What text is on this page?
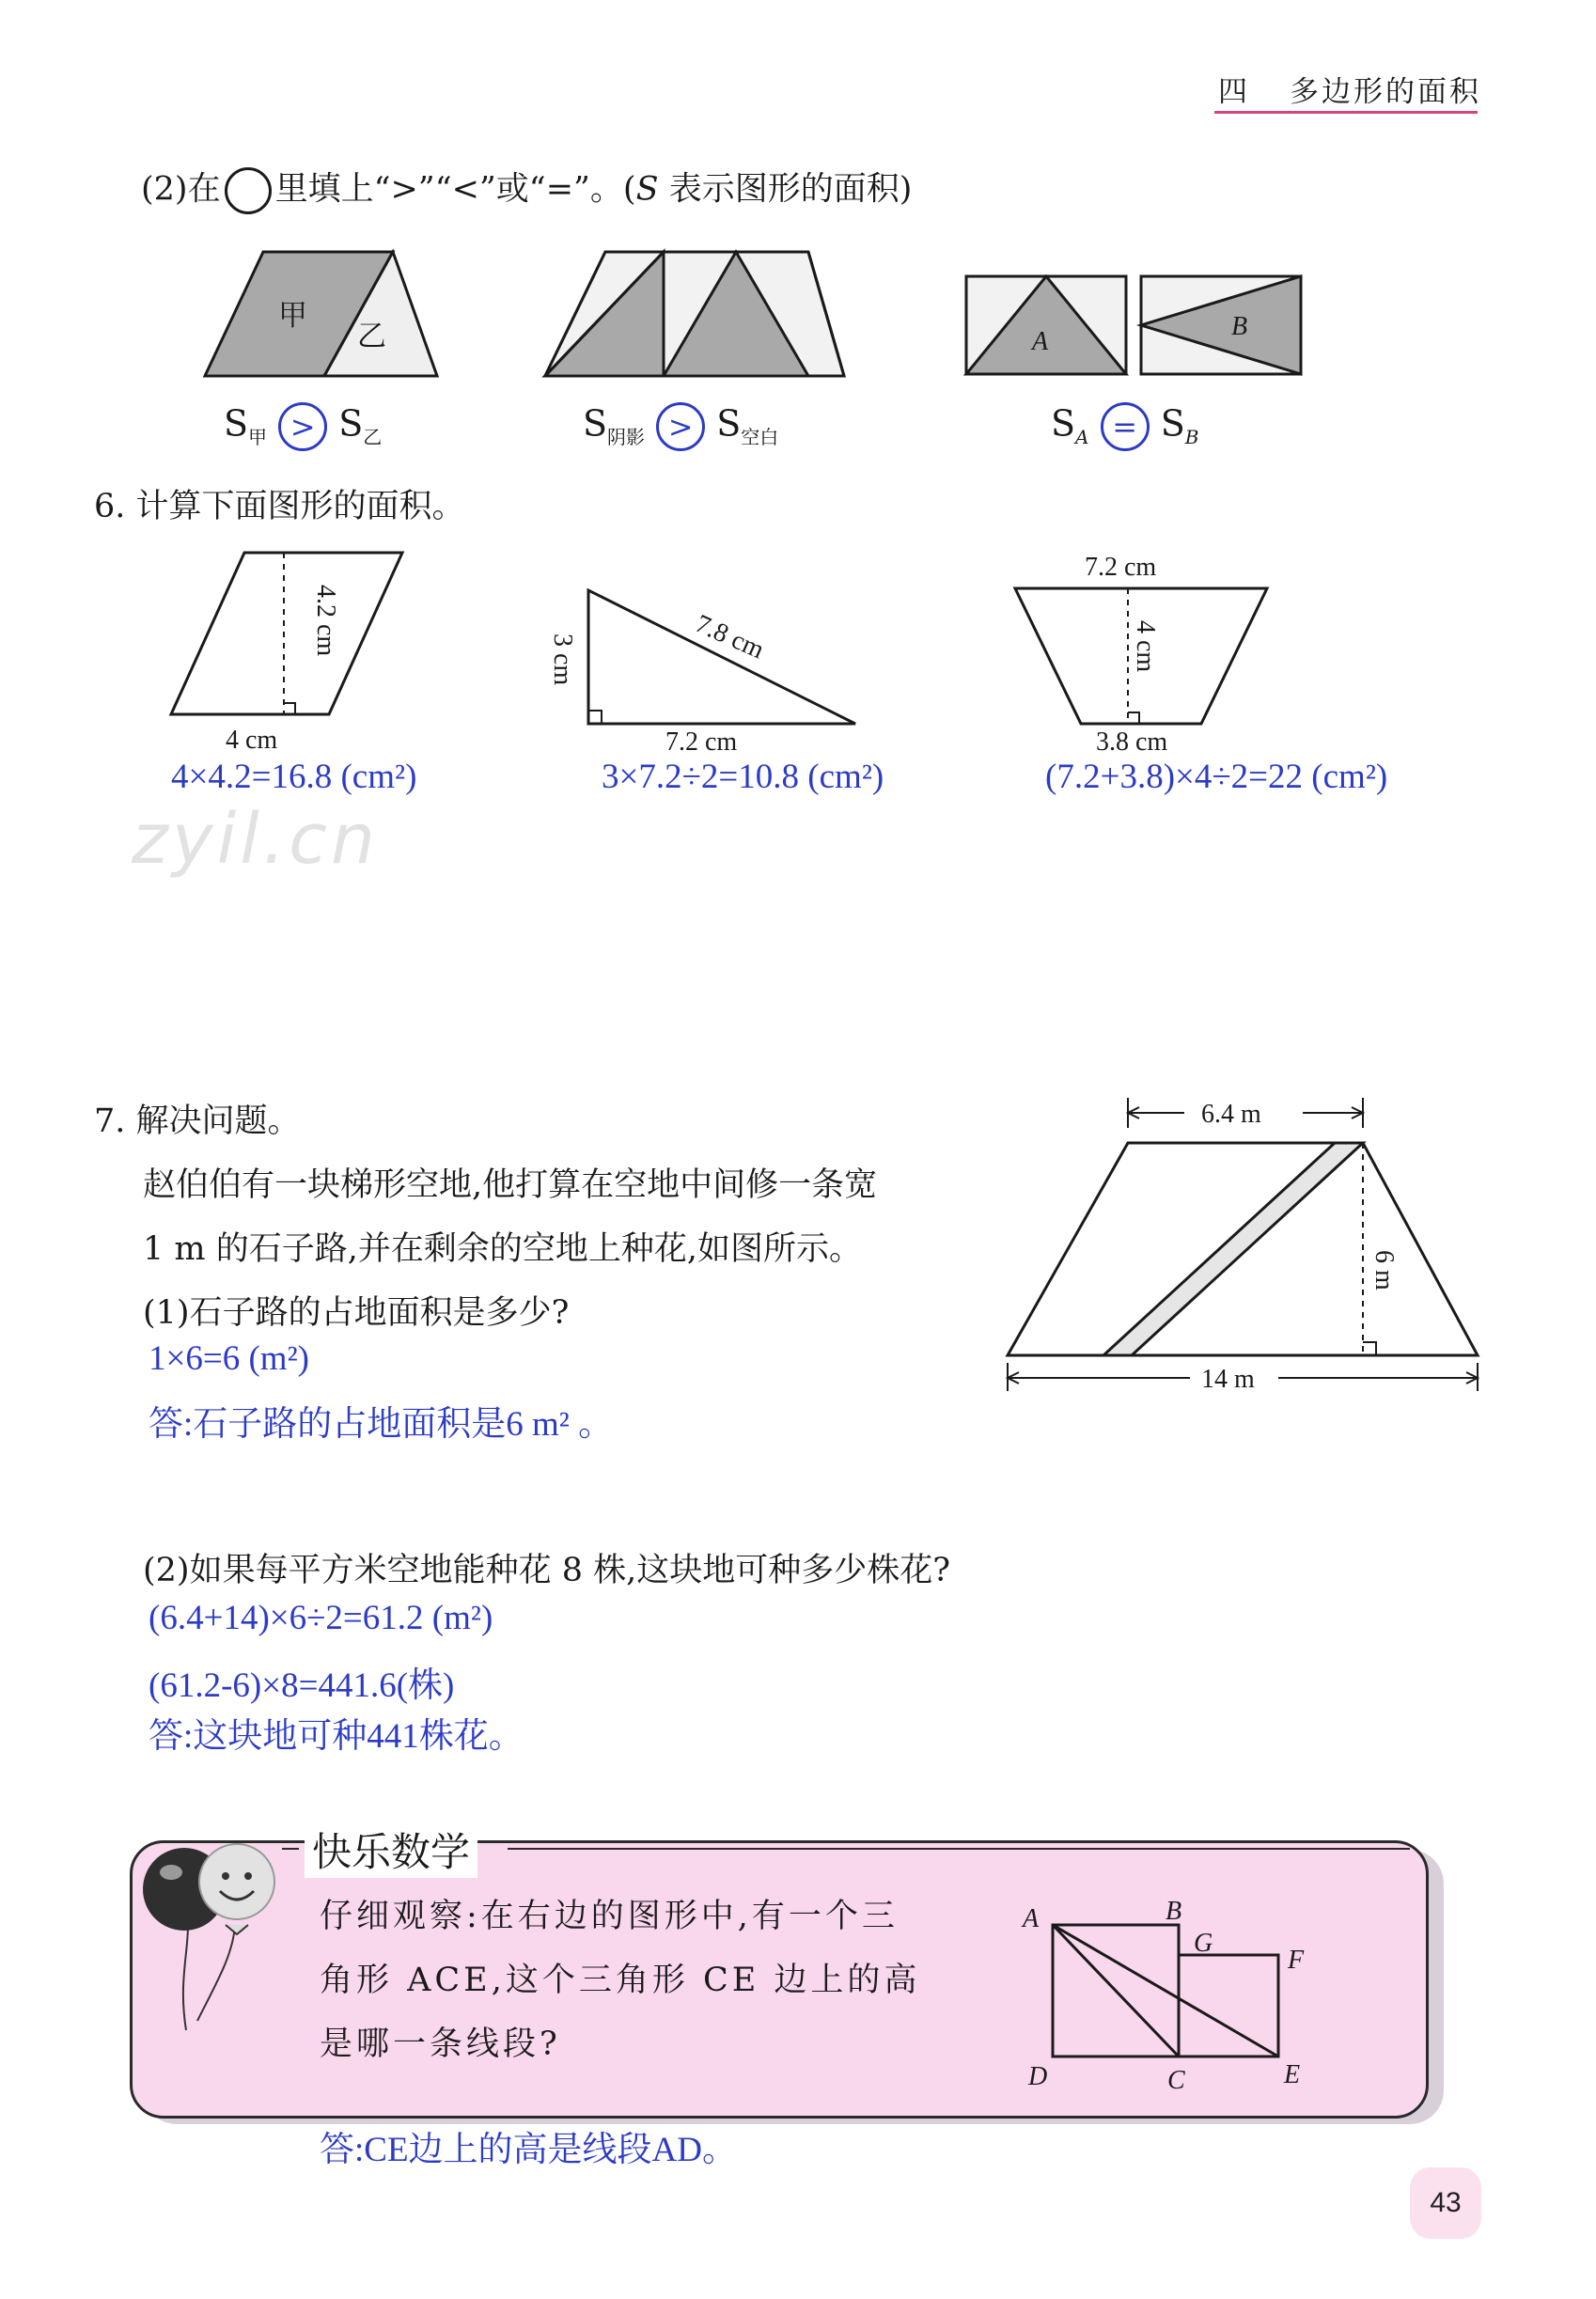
四 多边形的面积
(2)在 里填上“>”“<”或“=”。(S 表示图形的面积)
甲
乙	A
B
$S_甲 > S_乙$	$S_{阴影} > S_{空白}$	$S_A = S_B$
6. 计算下面图形的面积。
4.2 cm
4 cm
3 cm	7.8 cm
7.2 cm
7.2 cm
4 cm
3.8 cm
4×4.2=16.8 (cm²)	3×7.2÷2=10.8 (cm²)	(7.2+3.8)×4÷2=22 (cm²)
zyil.cn
7. 解决问题。
赵伯伯有一块梯形空地,他打算在空地中间修一条宽
1 m 的石子路,并在剩余的空地上种花,如图所示。
(1)石子路的占地面积是多少?
1×6=6 (m²)
答:石子路的占地面积是6 m² 。
(2)如果每平方米空地能种花 8 株,这块地可种多少株花?
(6.4+14)×6÷2=61.2 (m²)
(61.2-6)×8=441.6(株)
答:这块地可种441株花。
6.4 m
6 m
14 m
快乐数学
仔细观察:在右边的图形中,有一个三
角形 ACE,这个三角形 CE 边上的高
是哪一条线段?
A	B
G
F
D	C	E
答:CE边上的高是线段AD。
43
